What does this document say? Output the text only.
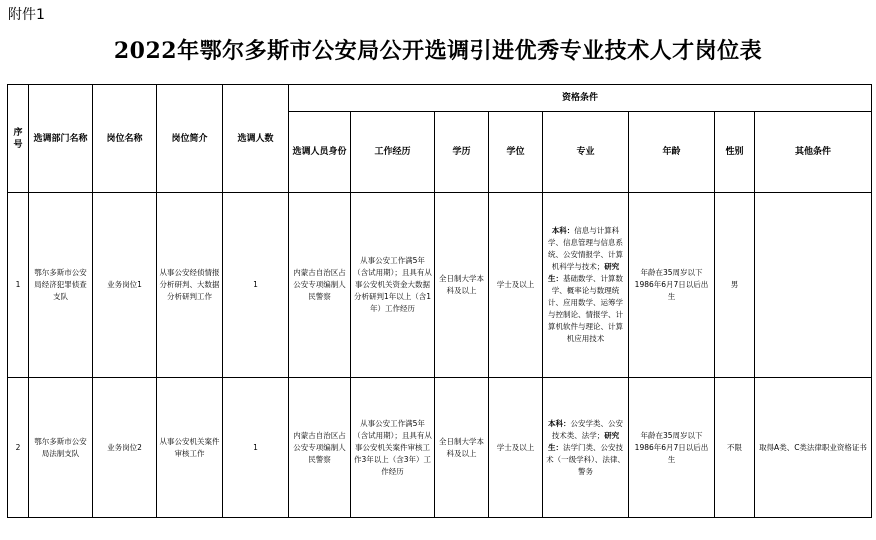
附件1
2022年鄂尔多斯市公安局公开选调引进优秀专业技术人才岗位表
序号	选调部门名称	岗位名称	岗位简介	选调人数	资格条件							
					选调人员身份	工作经历	学历	学位	专业	年龄	性别	其他条件
1	鄂尔多斯市公安局经济犯罪侦查支队	业务岗位1	从事公安经侦情报分析研判、大数据分析研判工作	1	内蒙古自治区占公安专项编制人民警察	从事公安工作满5年（含试用期）；且具有从事公安机关资金大数据分析研判1年以上（含1年）工作经历	全日制大学本科及以上	学士及以上	本科：信息与计算科学、信息管理与信息系统、公安情报学、计算机科学与技术；研究生：基础数学、计算数学、概率论与数理统计、应用数学、运筹学与控制论、情报学、计算机软件与理论、计算机应用技术	年龄在35周岁以下1986年6月7日以后出生	男	
2	鄂尔多斯市公安局法制支队	业务岗位2	从事公安机关案件审核工作	1	内蒙古自治区占公安专项编制人民警察	从事公安工作满5年（含试用期）；且具有从事公安机关案件审核工作3年以上（含3年）工作经历	全日制大学本科及以上	学士及以上	本科：公安学类、公安技术类、法学；研究生：法学门类、公安技术（一级学科）、法律、警务	年龄在35周岁以下1986年6月7日以后出生	不限	取得A类、C类法律职业资格证书
